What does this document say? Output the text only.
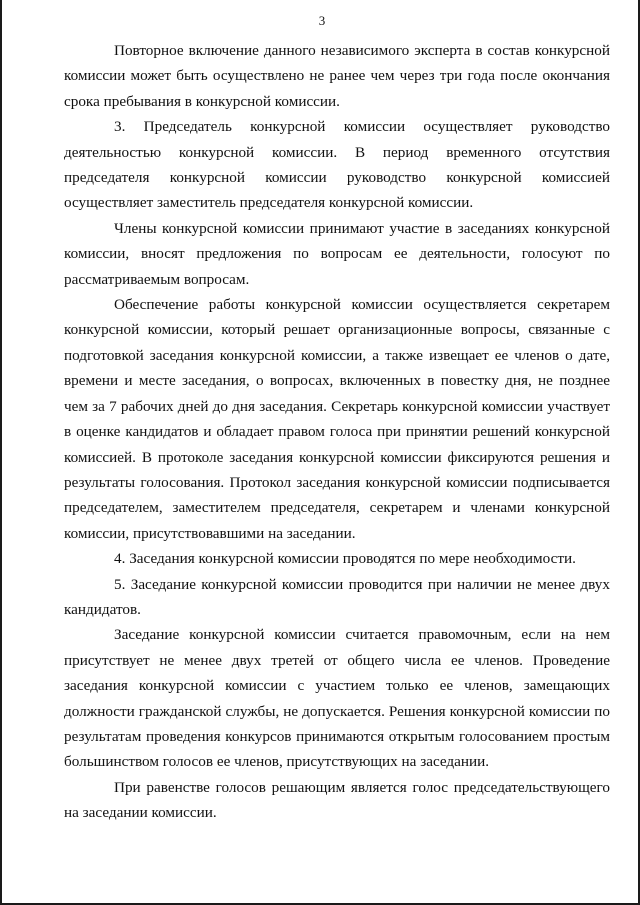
3

Повторное включение данного независимого эксперта в состав конкурсной комиссии может быть осуществлено не ранее чем через три года после окончания срока пребывания в конкурсной комиссии.

3. Председатель конкурсной комиссии осуществляет руководство деятельностью конкурсной комиссии. В период временного отсутствия председателя конкурсной комиссии руководство конкурсной комиссией осуществляет заместитель председателя конкурсной комиссии.

Члены конкурсной комиссии принимают участие в заседаниях конкурсной комиссии, вносят предложения по вопросам ее деятельности, голосуют по рассматриваемым вопросам.

Обеспечение работы конкурсной комиссии осуществляется секретарем конкурсной комиссии, который решает организационные вопросы, связанные с подготовкой заседания конкурсной комиссии, а также извещает ее членов о дате, времени и месте заседания, о вопросах, включенных в повестку дня, не позднее чем за 7 рабочих дней до дня заседания. Секретарь конкурсной комиссии участвует в оценке кандидатов и обладает правом голоса при принятии решений конкурсной комиссией. В протоколе заседания конкурсной комиссии фиксируются решения и результаты голосования. Протокол заседания конкурсной комиссии подписывается председателем, заместителем председателя, секретарем и членами конкурсной комиссии, присутствовавшими на заседании.

4. Заседания конкурсной комиссии проводятся по мере необходимости.

5. Заседание конкурсной комиссии проводится при наличии не менее двух кандидатов.

Заседание конкурсной комиссии считается правомочным, если на нем присутствует не менее двух третей от общего числа ее членов. Проведение заседания конкурсной комиссии с участием только ее членов, замещающих должности гражданской службы, не допускается. Решения конкурсной комиссии по результатам проведения конкурсов принимаются открытым голосованием простым большинством голосов ее членов, присутствующих на заседании.

При равенстве голосов решающим является голос председательствующего на заседании комиссии.
